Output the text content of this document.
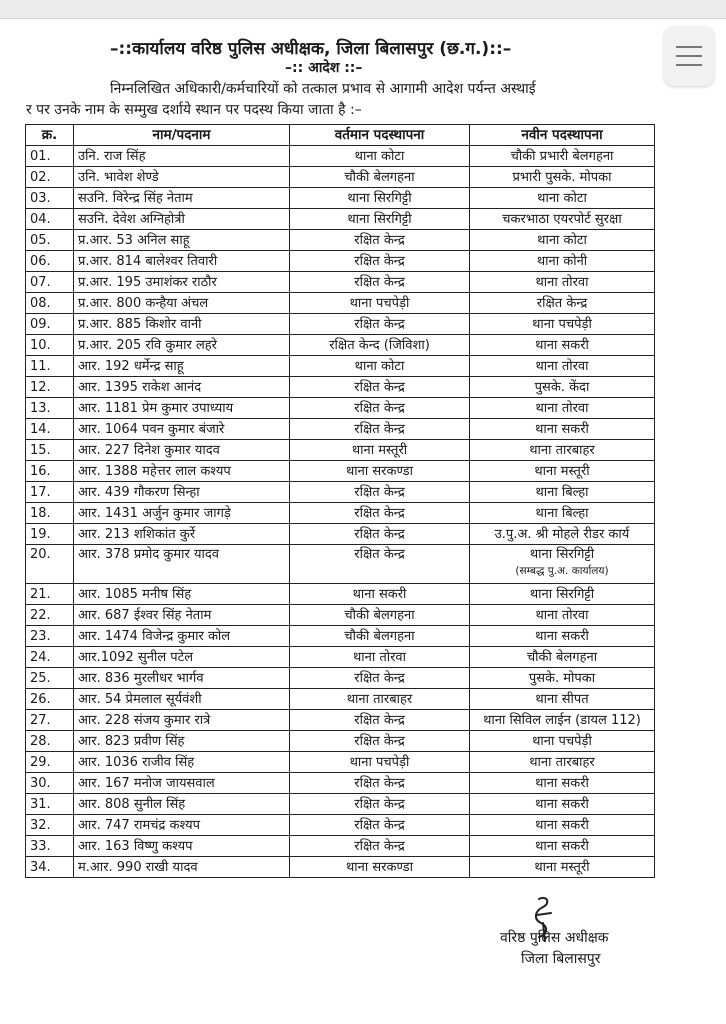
–::कार्यालय वरिष्ठ पुलिस अधीक्षक, जिला बिलासपुर (छ.ग.)::–
–:: आदेश ::–
निम्नलिखित अधिकारी/कर्मचारियों को तत्काल प्रभाव से आगामी आदेश पर्यन्त अस्थाई
र पर उनके नाम के सम्मुख दर्शाये स्थान पर पदस्थ किया जाता है :–
क्र.	नाम/पदनाम	वर्तमान पदस्थापना	नवीन पदस्थापना
01.	उनि. राज सिंह	थाना कोटा	चौकी प्रभारी बेलगहना
02.	उनि. भावेश शेण्डे	चौकी बेलगहना	प्रभारी पुसके. मोपका
03.	सउनि. विरेन्द्र सिंह नेताम	थाना सिरगिट्टी	थाना कोटा
04.	सउनि. देवेश अग्निहोत्री	थाना सिरगिट्टी	चकरभाठा एयरपोर्ट सुरक्षा
05.	प्र.आर. 53 अनिल साहू	रक्षित केन्द्र	थाना कोटा
06.	प्र.आर. 814 बालेश्वर तिवारी	रक्षित केन्द्र	थाना कोनी
07.	प्र.आर. 195 उमाशंकर राठौर	रक्षित केन्द्र	थाना तोरवा
08.	प्र.आर. 800 कन्हैया अंचल	थाना पचपेड़ी	रक्षित केन्द्र
09.	प्र.आर. 885 किशोर वानी	रक्षित केन्द्र	थाना पचपेड़ी
10.	प्र.आर. 205 रवि कुमार लहरे	रक्षित केन्द (जिविशा)	थाना सकरी
11.	आर. 192 धर्मेन्द्र साहू	थाना कोटा	थाना तोरवा
12.	आर. 1395 राकेश आनंद	रक्षित केन्द्र	पुसके. केंदा
13.	आर. 1181 प्रेम कुमार उपाध्याय	रक्षित केन्द्र	थाना तोरवा
14.	आर. 1064 पवन कुमार बंजारे	रक्षित केन्द्र	थाना सकरी
15.	आर. 227 दिनेश कुमार यादव	थाना मस्तूरी	थाना तारबाहर
16.	आर. 1388 महेत्तर लाल कश्यप	थाना सरकण्डा	थाना मस्तूरी
17.	आर. 439 गौकरण सिन्हा	रक्षित केन्द्र	थाना बिल्हा
18.	आर. 1431 अर्जुन कुमार जागड़े	रक्षित केन्द्र	थाना बिल्हा
19.	आर. 213 शशिकांत कुर्रे	रक्षित केन्द्र	उ.पु.अ. श्री मोहले रीडर कार्य
20.	आर. 378 प्रमोद कुमार यादव	रक्षित केन्द्र	थाना सिरगिट्टी
(सम्बद्ध पु.अ. कार्यालय)

21.	आर. 1085 मनीष सिंह	थाना सकरी	थाना सिरगिट्टी
22.	आर. 687 ईश्वर सिंह नेताम	चौकी बेलगहना	थाना तोरवा
23.	आर. 1474 विजेन्द्र कुमार कोल	चौकी बेलगहना	थाना सकरी
24.	आर.1092 सुनील पटेल	थाना तोरवा	चौकी बेलगहना
25.	आर. 836 मुरलीधर भार्गव	रक्षित केन्द्र	पुसके. मोपका
26.	आर. 54 प्रेमलाल सूर्यवंशी	थाना तारबाहर	थाना सीपत
27.	आर. 228 संजय कुमार रात्रे	रक्षित केन्द्र	थाना सिविल लाईन (डायल 112)
28.	आर. 823 प्रवीण सिंह	रक्षित केन्द्र	थाना पचपेड़ी
29.	आर. 1036 राजीव सिंह	थाना पचपेड़ी	थाना तारबाहर
30.	आर. 167 मनोज जायसवाल	रक्षित केन्द्र	थाना सकरी
31.	आर. 808 सुनील सिंह	रक्षित केन्द्र	थाना सकरी
32.	आर. 747 रामचंद्र कश्यप	रक्षित केन्द्र	थाना सकरी
33.	आर. 163 विष्णु कश्यप	रक्षित केन्द्र	थाना सकरी
34.	म.आर. 990 राखी यादव	थाना सरकण्डा	थाना मस्तूरी
वरिष्ठ पुलिस अधीक्षक
जिला बिलासपुर
